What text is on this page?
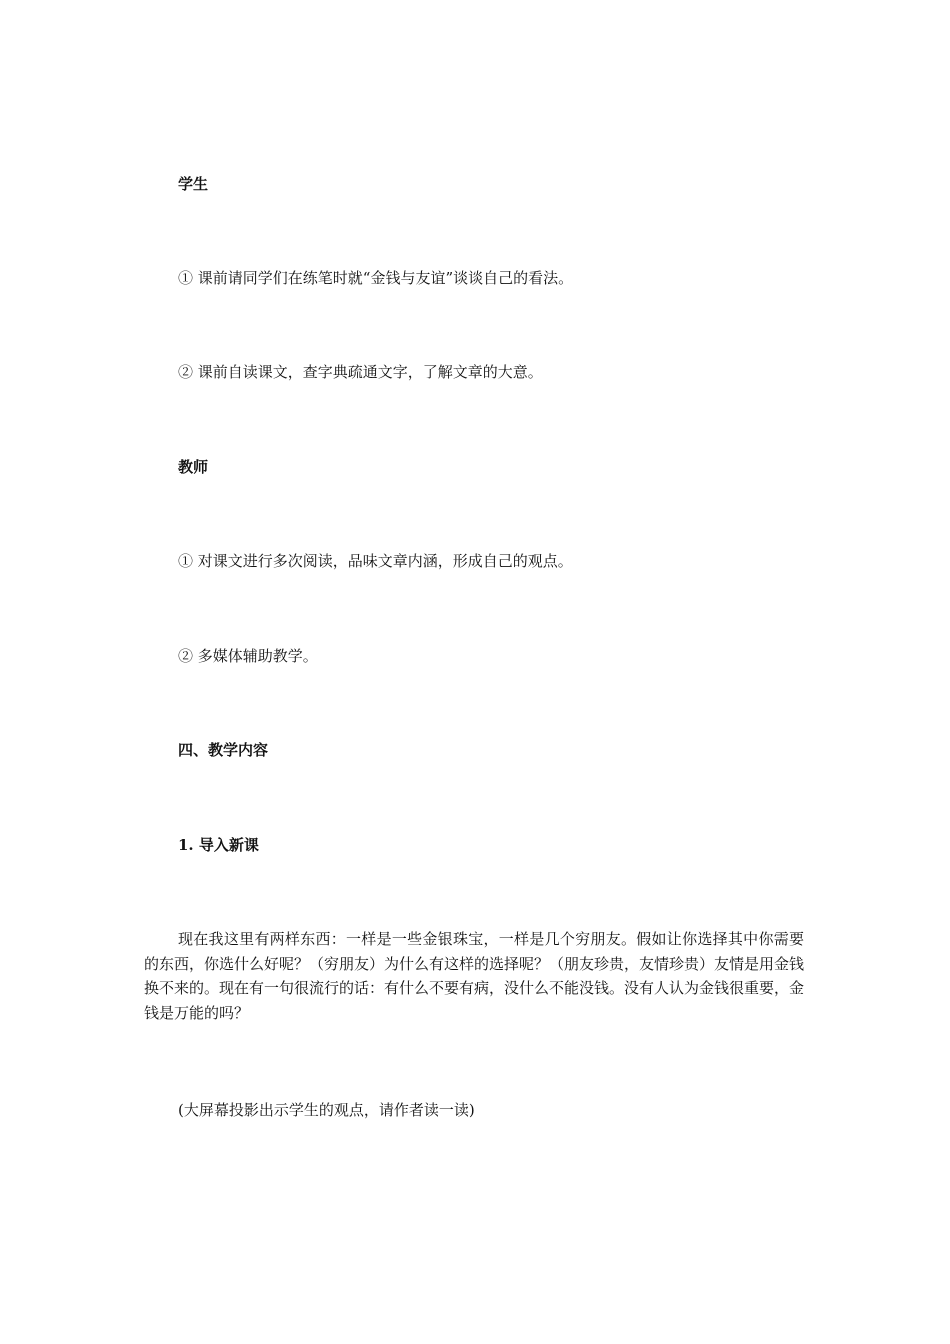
学生
① 课前请同学们在练笔时就“金钱与友谊”谈谈自己的看法。
② 课前自读课文，查字典疏通文字，了解文章的大意。
教师
① 对课文进行多次阅读，品味文章内涵，形成自己的观点。
② 多媒体辅助教学。
四、教学内容
1. 导入新课
现在我这里有两样东西：一样是一些金银珠宝，一样是几个穷朋友。假如让你选择其中你需要的东西，你选什么好呢？（穷朋友）为什么有这样的选择呢？（朋友珍贵，友情珍贵）友情是用金钱换不来的。现在有一句很流行的话：有什么不要有病，没什么不能没钱。没有人认为金钱很重要，金钱是万能的吗？
(大屏幕投影出示学生的观点，请作者读一读)
